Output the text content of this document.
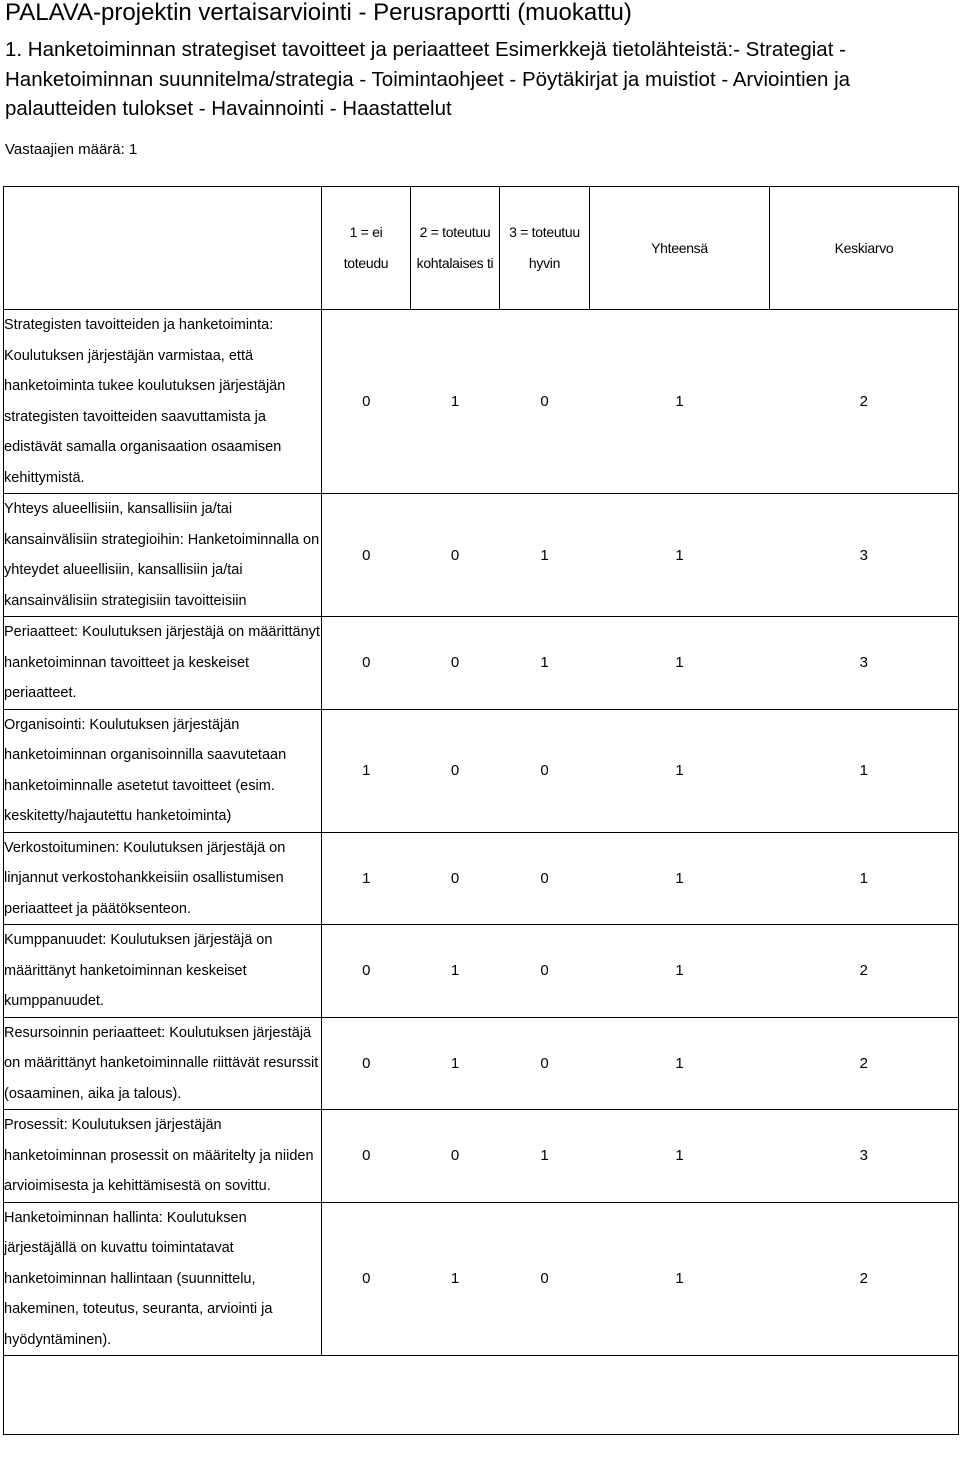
PALAVA-projektin vertaisarviointi - Perusraportti (muokattu)
1. Hanketoiminnan strategiset tavoitteet ja periaatteet Esimerkkejä tietolähteistä:- Strategiat - Hanketoiminnan suunnitelma/strategia - Toimintaohjeet - Pöytäkirjat ja muistiot - Arviointien ja palautteiden tulokset - Havainnointi - Haastattelut
Vastaajien määrä: 1
	1 = ei toteudu	2 = toteutuu kohtalaises ti	3 = toteutuu hyvin	Yhteensä	Keskiarvo
Strategisten tavoitteiden ja hanketoiminta: Koulutuksen järjestäjän varmistaa, että hanketoiminta tukee koulutuksen järjestäjän strategisten tavoitteiden saavuttamista ja edistävät samalla organisaation osaamisen kehittymistä.	0	1	0	1	2
Yhteys alueellisiin, kansallisiin ja/tai kansainvälisiin strategioihin: Hanketoiminnalla on yhteydet alueellisiin, kansallisiin ja/tai kansainvälisiin strategisiin tavoitteisiin	0	0	1	1	3
Periaatteet: Koulutuksen järjestäjä on määrittänyt hanketoiminnan tavoitteet ja keskeiset periaatteet.	0	0	1	1	3
Organisointi: Koulutuksen järjestäjän hanketoiminnan organisoinnilla saavutetaan hanketoiminnalle asetetut tavoitteet (esim. keskitetty/hajautettu hanketoiminta)	1	0	0	1	1
Verkostoituminen: Koulutuksen järjestäjä on linjannut verkostohankkeisiin osallistumisen periaatteet ja päätöksenteon.	1	0	0	1	1
Kumppanuudet: Koulutuksen järjestäjä on määrittänyt hanketoiminnan keskeiset kumppanuudet.	0	1	0	1	2
Resursoinnin periaatteet: Koulutuksen järjestäjä on määrittänyt hanketoiminnalle riittävät resurssit (osaaminen, aika ja talous).	0	1	0	1	2
Prosessit: Koulutuksen järjestäjän hanketoiminnan prosessit on määritelty ja niiden arvioimisesta ja kehittämisestä on sovittu.	0	0	1	1	3
Hanketoiminnan hallinta: Koulutuksen järjestäjällä on kuvattu toimintatavat hanketoiminnan hallintaan (suunnittelu, hakeminen, toteutus, seuranta, arviointi ja hyödyntäminen).	0	1	0	1	2
